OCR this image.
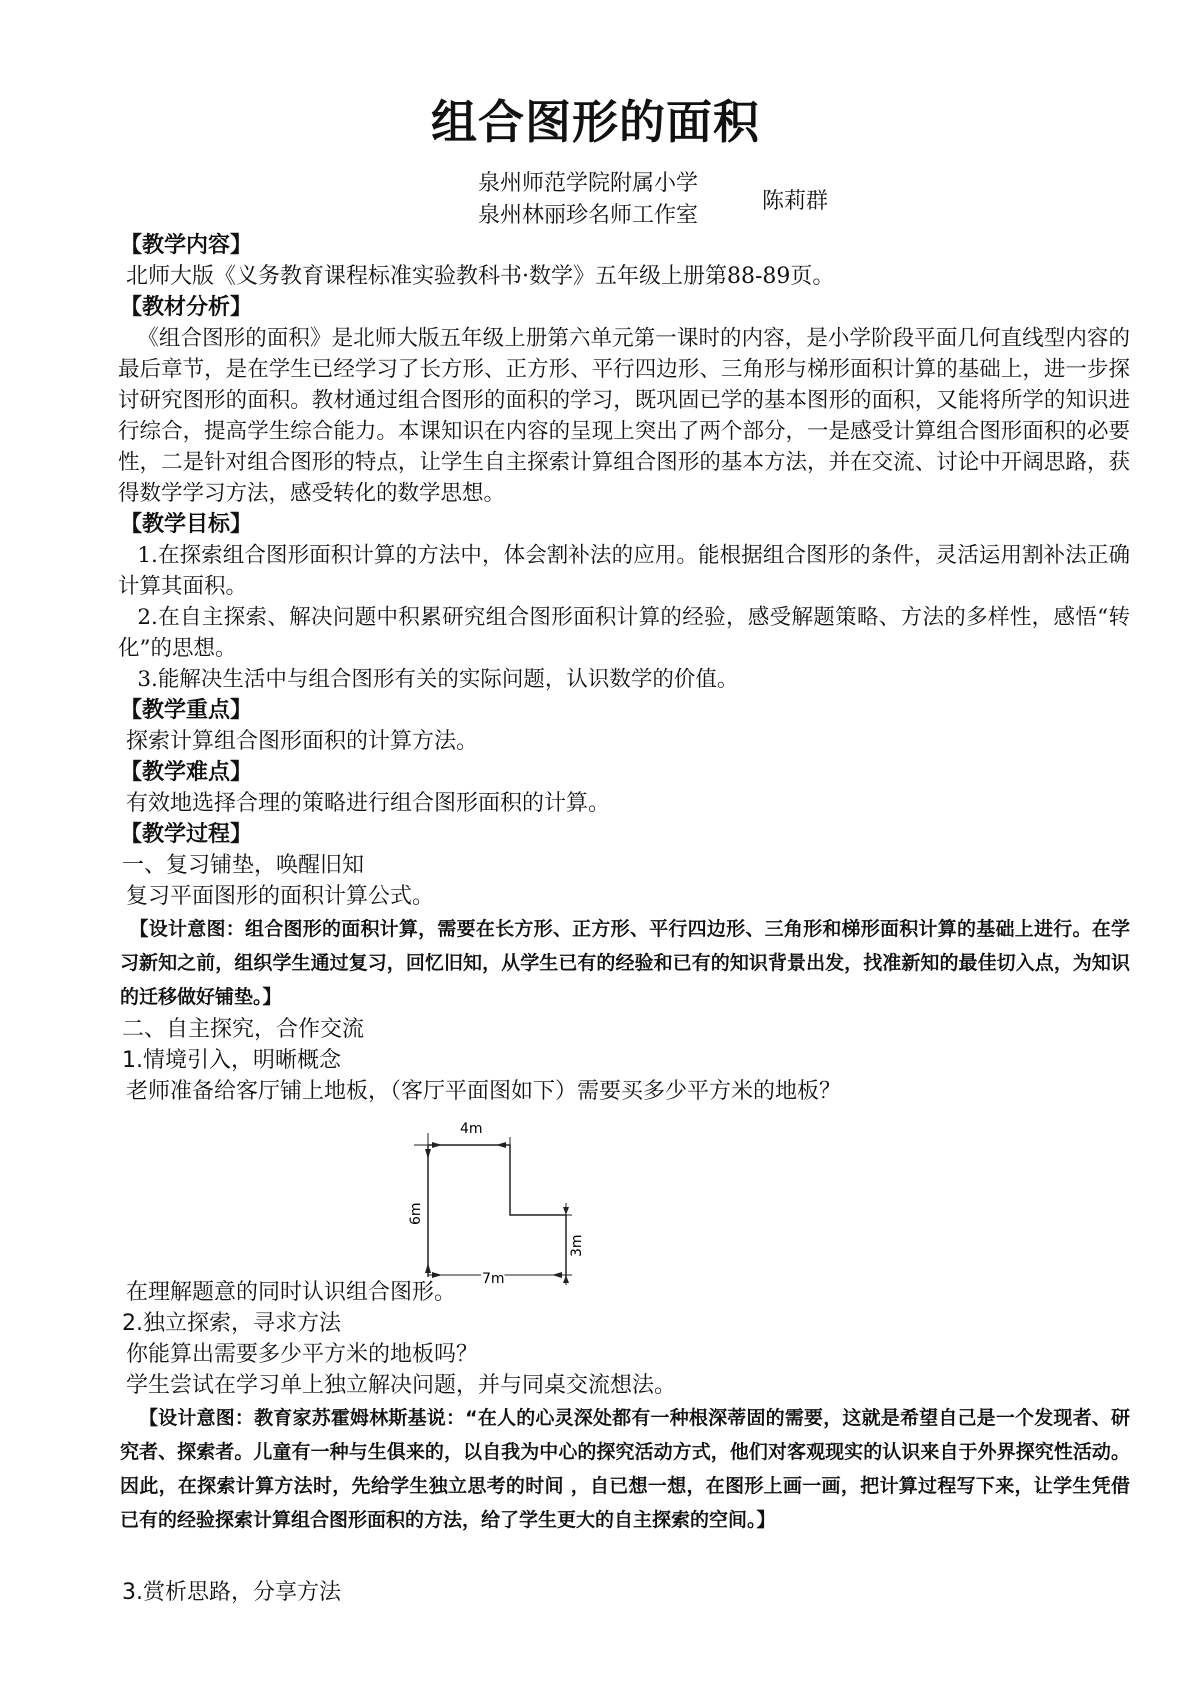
组合图形的面积
泉州师范学院附属小学
泉州林丽珍名师工作室
陈莉群
【教学内容】
北师大版《义务教育课程标准实验教科书·数学》五年级上册第88-89页。
【教材分析】
《组合图形的面积》是北师大版五年级上册第六单元第一课时的内容，是小学阶段平面几何直线型内容的最后章节，是在学生已经学习了长方形、正方形、平行四边形、三角形与梯形面积计算的基础上，进一步探讨研究图形的面积。教材通过组合图形的面积的学习，既巩固已学的基本图形的面积，又能将所学的知识进行综合，提高学生综合能力。本课知识在内容的呈现上突出了两个部分，一是感受计算组合图形面积的必要性，二是针对组合图形的特点，让学生自主探索计算组合图形的基本方法，并在交流、讨论中开阔思路，获得数学学习方法，感受转化的数学思想。
【教学目标】
1.在探索组合图形面积计算的方法中，体会割补法的应用。能根据组合图形的条件，灵活运用割补法正确计算其面积。
2.在自主探索、解决问题中积累研究组合图形面积计算的经验，感受解题策略、方法的多样性，感悟“转化”的思想。
3.能解决生活中与组合图形有关的实际问题，认识数学的价值。
【教学重点】
探索计算组合图形面积的计算方法。
【教学难点】
有效地选择合理的策略进行组合图形面积的计算。
【教学过程】
一、复习铺垫，唤醒旧知
复习平面图形的面积计算公式。
【设计意图：组合图形的面积计算，需要在长方形、正方形、平行四边形、三角形和梯形面积计算的基础上进行。在学习新知之前，组织学生通过复习，回忆旧知，从学生已有的经验和已有的知识背景出发，找准新知的最佳切入点，为知识的迁移做好铺垫。】
二、自主探究，合作交流
1.情境引入，明晰概念
老师准备给客厅铺上地板，（客厅平面图如下）需要买多少平方米的地板？
4m
6m
3m
7m
在理解题意的同时认识组合图形。
2.独立探索，寻求方法
你能算出需要多少平方米的地板吗？
学生尝试在学习单上独立解决问题，并与同桌交流想法。
【设计意图：教育家苏霍姆林斯基说：“在人的心灵深处都有一种根深蒂固的需要，这就是希望自己是一个发现者、研究者、探索者。儿童有一种与生俱来的，以自我为中心的探究活动方式，他们对客观现实的认识来自于外界探究性活动。因此，在探索计算方法时，先给学生独立思考的时间 ，自已想一想，在图形上画一画，把计算过程写下来，让学生凭借已有的经验探索计算组合图形面积的方法，给了学生更大的自主探索的空间。】
3.赏析思路，分享方法
